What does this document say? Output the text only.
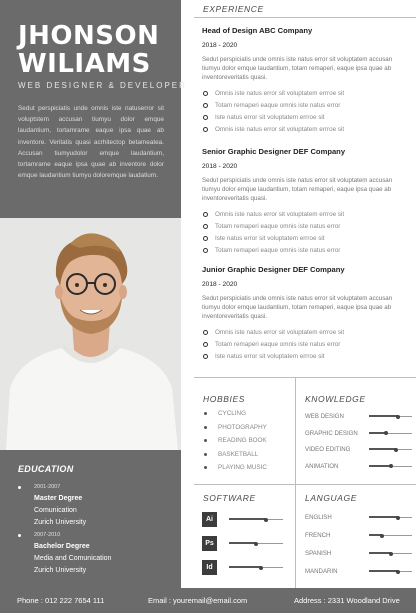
JHONSON
WILIAMS
WEB DESIGNER & DEVELOPER
Sedut perspiciatis unde omnis iste natuserror sit voluptstem accusan tiumyu dolor emque laudantium, tortamrame eaque ipsa quae ab inventore. Veritatis quasi acrhitectop betameatea. Accusan tiumyudolor emque laudantium, tortamrame eaque ipsa quae ab inventore dolor emque laudantium tiumyu doloremque laudatium.
EDUCATION
2001-2007
Master Degree
Comunication
Zurich University
2007-2010
Bachelor Degree
Media and Comunication
Zurich University
EXPERIENCE
Head of Design ABC Company
2018 - 2020
Sedut perspiciatis unde omnis iste natus error sit voluptatem accusan tiumyu dolor emque laudantium, totam remaperi, eaque ipsa quae ab inventoreveritatis quasi.
Omnis iste natus error sit voluptatem errroe sit
Totam remaperi eaque omnis iste natus error
Iste natus error sit voluptatem errroe sit
Omnis iste natus error sit voluptatem errroe sit
Senior Graphic Designer DEF Company
2018 - 2020
Sedut perspiciatis unde omnis iste natus error sit voluptatem accusan tiumyu dolor emque laudantium, totam remaperi, eaque ipsa quae ab inventoreveritatis quasi.
Omnis iste natus error sit voluptatem errroe sit
Totam remaperi eaque omnis iste natus error
Iste natus error sit voluptatem errroe sit
Totam remaperi eaque omnis iste natus error
Junior Graphic Designer DEF Company
2018 - 2020
Sedut perspiciatis unde omnis iste natus error sit voluptatem accusan tiumyu dolor emque laudantium, totam remaperi, eaque ipsa quae ab inventoreveritatis quasi.
Omnis iste natus error sit voluptatem errroe sit
Totam remaperi eaque omnis iste natus error
Iste natus error sit voluptatem errroe sit
HOBBIES
CYCLING
PHOTOGRAPHY
READING BOOK
BASKETBALL
PLAYING MUSIC
KNOWLEDGE
WEB DESIGN
GRAPHIC DESIGN
VIDEO EDITING
ANIMATION
SOFTWARE
Ai
Ps
Id
LANGUAGE
ENGLISH
FRENCH
SPANISH
MANDARIN
Phone : 012 222 7654 111	Email : youremail@email.com	Address : 2331 Woodland Drive
